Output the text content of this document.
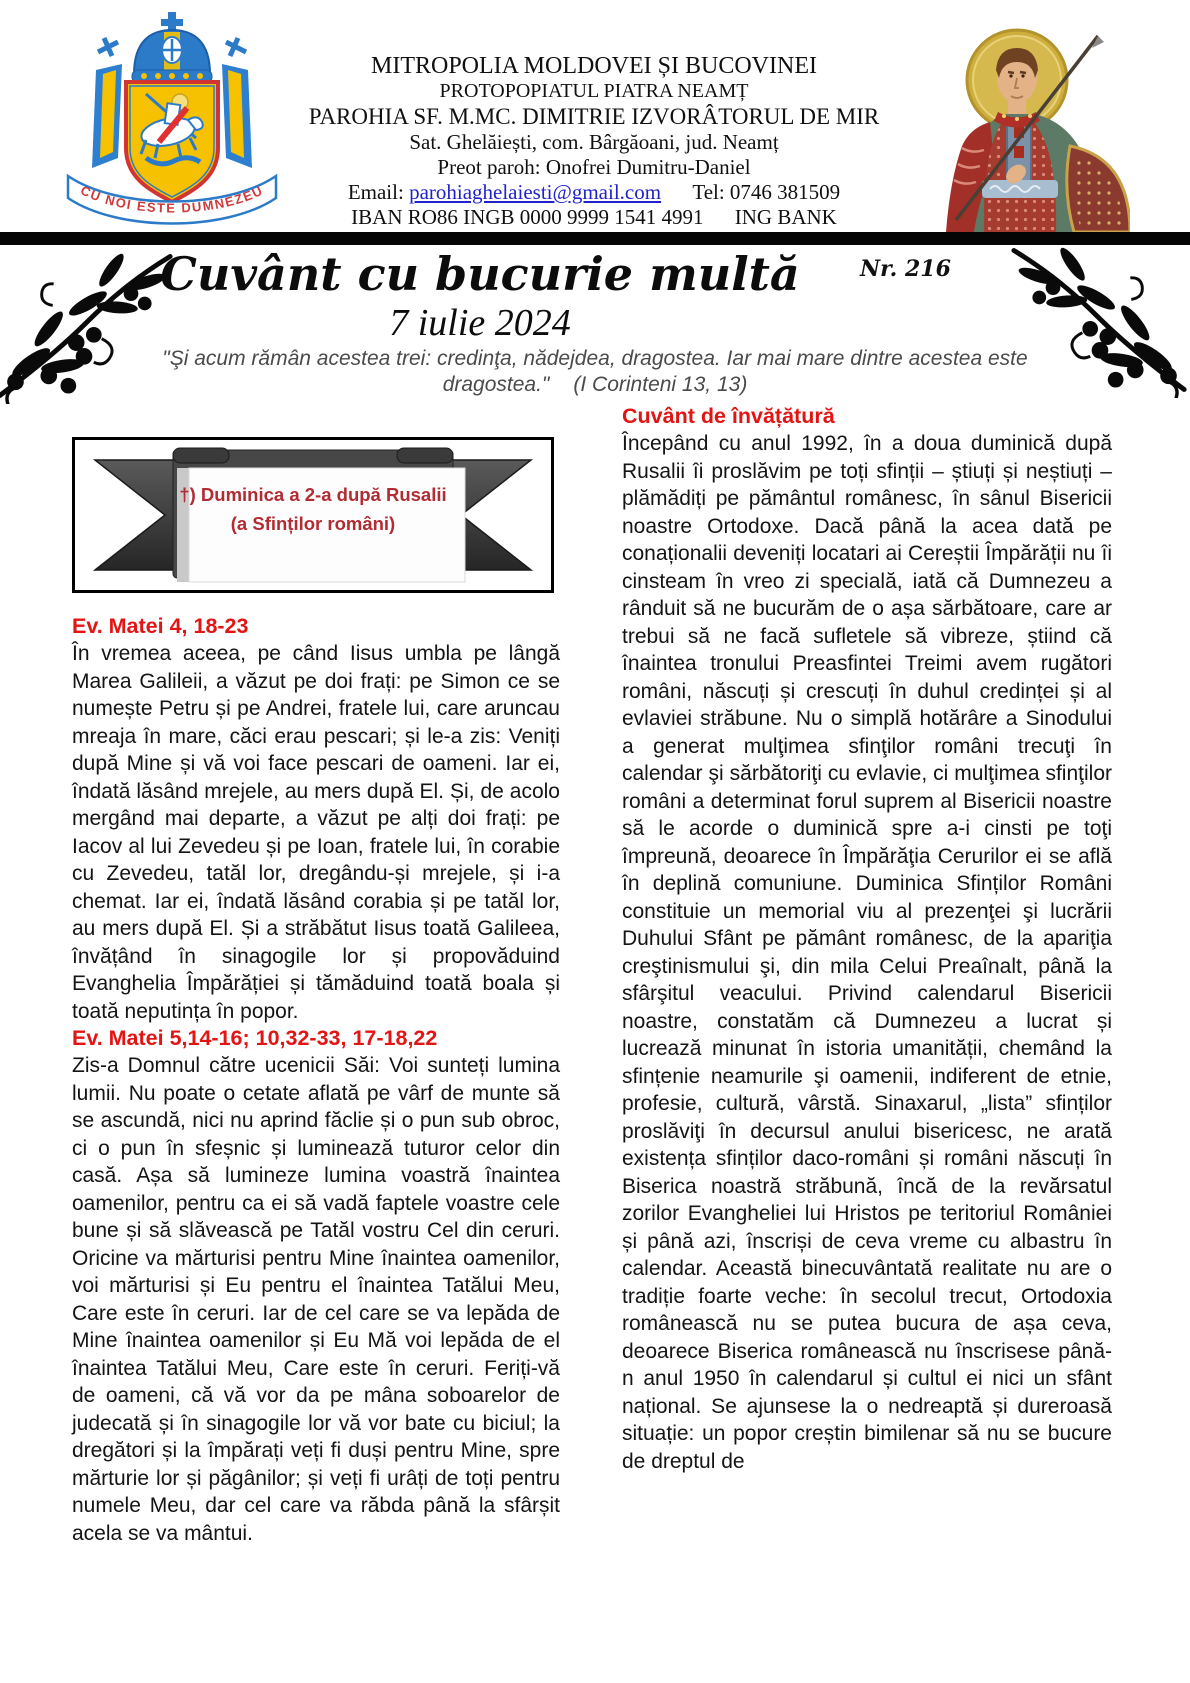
CU NOI ESTE DUMNEZEU
MITROPOLIA MOLDOVEI ȘI BUCOVINEI
PROTOPOPIATUL PIATRA NEAMȚ
PAROHIA SF. M.MC. DIMITRIE IZVORÂTORUL DE MIR
Sat. Ghelăiești, com. Bârgăoani, jud. Neamț
Preot paroh: Onofrei Dumitru-Daniel
Email: parohiaghelaiesti@gmail.com Tel: 0746 381509
IBAN RO86 INGB 0000 9999 1541 4991 ING BANK
Cuvânt cu bucurie multă	Nr. 216
7 iulie 2024
"Şi acum rămân acestea trei: credinţa, nădejdea, dragostea. Iar mai mare dintre acestea este
dragostea." (I Corinteni 13, 13)
†) Duminica a 2-a după Rusalii (a Sfinților români)
Ev. Matei 4, 18-23

În vremea aceea, pe când Iisus umbla pe lângă Marea Galileii, a văzut pe doi frați: pe Simon ce se numește Petru și pe Andrei, fratele lui, care aruncau mreaja în mare, căci erau pescari; și le-a zis: Veniți după Mine și vă voi face pescari de oameni. Iar ei, îndată lăsând mrejele, au mers după El. Și, de acolo mergând mai departe, a văzut pe alți doi frați: pe Iacov al lui Zevedeu și pe Ioan, fratele lui, în corabie cu Zevedeu, tatăl lor, dregându-și mrejele, și i-a chemat. Iar ei, îndată lăsând corabia și pe tatăl lor, au mers după El. Și a străbătut Iisus toată Galileea, învățând în sinagogile lor și propovăduind Evanghelia Împărăției și tămăduind toată boala și toată neputința în popor.

Ev. Matei 5,14-16; 10,32-33, 17-18,22

Zis-a Domnul către ucenicii Săi: Voi sunteți lumina lumii. Nu poate o cetate aflată pe vârf de munte să se ascundă, nici nu aprind făclie și o pun sub obroc, ci o pun în sfeșnic și luminează tuturor celor din casă. Așa să lumineze lumina voastră înaintea oamenilor, pentru ca ei să vadă faptele voastre cele bune și să slăvească pe Tatăl vostru Cel din ceruri. Oricine va mărturisi pentru Mine înaintea oamenilor, voi mărturisi și Eu pentru el înaintea Tatălui Meu, Care este în ceruri. Iar de cel care se va lepăda de Mine înaintea oamenilor și Eu Mă voi lepăda de el înaintea Tatălui Meu, Care este în ceruri. Feriți-vă de oameni, că vă vor da pe mâna soboarelor de judecată și în sinagogile lor vă vor bate cu biciul; la dregători și la împărați veți fi duși pentru Mine, spre mărturie lor și păgânilor; și veți fi urâți de toți pentru numele Meu, dar cel care va răbda până la sfârșit acela se va mântui.

Cuvânt de învățătură

Începând cu anul 1992, în a doua duminică după Rusalii îi proslăvim pe toți sfinții – știuți și neștiuți – plămădiți pe pământul românesc, în sânul Bisericii noastre Ortodoxe. Dacă până la acea dată pe conaționalii deveniți locatari ai Cereștii Împărății nu îi cinsteam în vreo zi specială, iată că Dumnezeu a rânduit să ne bucurăm de o așa sărbătoare, care ar trebui să ne facă sufletele să vibreze, știind că înaintea tronului Preasfintei Treimi avem rugători români, născuți și crescuți în duhul credinței și al evlaviei străbune. Nu o simplă hotărâre a Sinodului a generat mulţimea sfinţilor români trecuţi în calendar şi sărbătoriţi cu evlavie, ci mulţimea sfinţilor români a determinat forul suprem al Bisericii noastre să le acorde o duminică spre a-i cinsti pe toţi împreună, deoarece în Împărăţia Cerurilor ei se află în deplină comuniune. Duminica Sfinților Români constituie un memorial viu al prezenţei şi lucrării Duhului Sfânt pe pământ românesc, de la apariţia creştinismului şi, din mila Celui Preaînalt, până la sfârşitul veacului. Privind calendarul Bisericii noastre, constatăm că Dumnezeu a lucrat și lucrează minunat în istoria umanității, chemând la sfințenie neamurile şi oamenii, indiferent de etnie, profesie, cultură, vârstă. Sinaxarul, „lista” sfinților proslăviţi în decursul anului bisericesc, ne arată existența sfinților daco-români și români născuți în Biserica noastră străbună, încă de la revărsatul zorilor Evangheliei lui Hristos pe teritoriul României și până azi, înscriși de ceva vreme cu albastru în calendar. Această binecuvântată realitate nu are o tradiție foarte veche: în secolul trecut, Ortodoxia românească nu se putea bucura de așa ceva, deoarece Biserica românească nu înscrisese până-n anul 1950 în calendarul și cultul ei nici un sfânt național. Se ajunsese la o nedreaptă și dureroasă situație: un popor creștin bimilenar să nu se bucure de dreptul de
